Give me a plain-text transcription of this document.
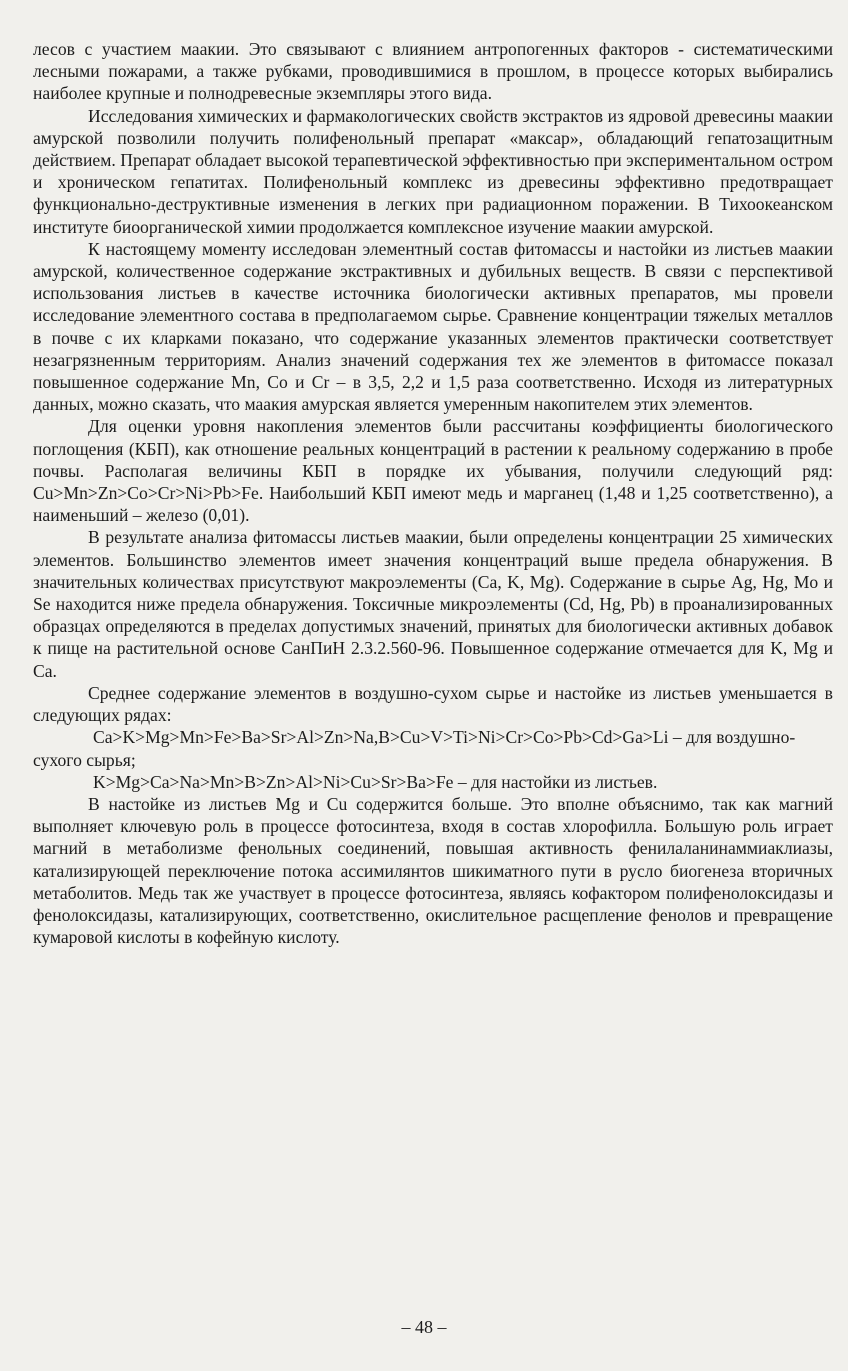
лесов с участием маакии. Это связывают с влиянием антропогенных факторов - систематическими лесными пожарами, а также рубками, проводившимися в прошлом, в процессе которых выбирались наиболее крупные и полнодревесные экземпляры этого вида.

Исследования химических и фармакологических свойств экстрактов из ядровой древесины маакии амурской позволили получить полифенольный препарат «максар», обладающий гепатозащитным действием. Препарат обладает высокой терапевтической эффективностью при экспериментальном остром и хроническом гепатитах. Полифенольный комплекс из древесины эффективно предотвращает функционально-деструктивные изменения в легких при радиационном поражении. В Тихоокеанском институте биоорганической химии продолжается комплексное изучение маакии амурской.

К настоящему моменту исследован элементный состав фитомассы и настойки из листьев маакии амурской, количественное содержание экстрактивных и дубильных веществ. В связи с перспективой использования листьев в качестве источника биологически активных препаратов, мы провели исследование элементного состава в предполагаемом сырье. Сравнение концентрации тяжелых металлов в почве с их кларками показано, что содержание указанных элементов практически соответствует незагрязненным территориям. Анализ значений содержания тех же элементов в фитомассе показал повышенное содержание Mn, Co и Cr – в 3,5, 2,2 и 1,5 раза соответственно. Исходя из литературных данных, можно сказать, что маакия амурская является умеренным накопителем этих элементов.

Для оценки уровня накопления элементов были рассчитаны коэффициенты биологического поглощения (КБП), как отношение реальных концентраций в растении к реальному содержанию в пробе почвы. Располагая величины КБП в порядке их убывания, получили следующий ряд: Cu>Mn>Zn>Co>Cr>Ni>Pb>Fe. Наибольший КБП имеют медь и марганец (1,48 и 1,25 соответственно), а наименьший – железо (0,01).

В результате анализа фитомассы листьев маакии, были определены концентрации 25 химических элементов. Большинство элементов имеет значения концентраций выше предела обнаружения. В значительных количествах присутствуют макроэлементы (Ca, K, Mg). Содержание в сырье Ag, Hg, Mo и Se находится ниже предела обнаружения. Токсичные микроэлементы (Cd, Hg, Pb) в проанализированных образцах определяются в пределах допустимых значений, принятых для биологически активных добавок к пище на растительной основе СанПиН 2.3.2.560-96. Повышенное содержание отмечается для K, Mg и Ca.

Среднее содержание элементов в воздушно-сухом сырье и настойке из листьев уменьшается в следующих рядах:

Ca>K>Mg>Mn>Fe>Ba>Sr>Al>Zn>Na,B>Cu>V>Ti>Ni>Cr>Co>Pb>Cd>Ga>Li – для воздушно-сухого сырья;

K>Mg>Ca>Na>Mn>B>Zn>Al>Ni>Cu>Sr>Ba>Fe – для настойки из листьев.

В настойке из листьев Mg и Cu содержится больше. Это вполне объяснимо, так как магний выполняет ключевую роль в процессе фотосинтеза, входя в состав хлорофилла. Большую роль играет магний в метаболизме фенольных соединений, повышая активность фенилаланинаммиаклиазы, катализирующей переключение потока ассимилянтов шикиматного пути в русло биогенеза вторичных метаболитов. Медь так же участвует в процессе фотосинтеза, являясь кофактором полифенолоксидазы и фенолоксидазы, катализирующих, соответственно, окислительное расщепление фенолов и превращение кумаровой кислоты в кофейную кислоту.

– 48 –
